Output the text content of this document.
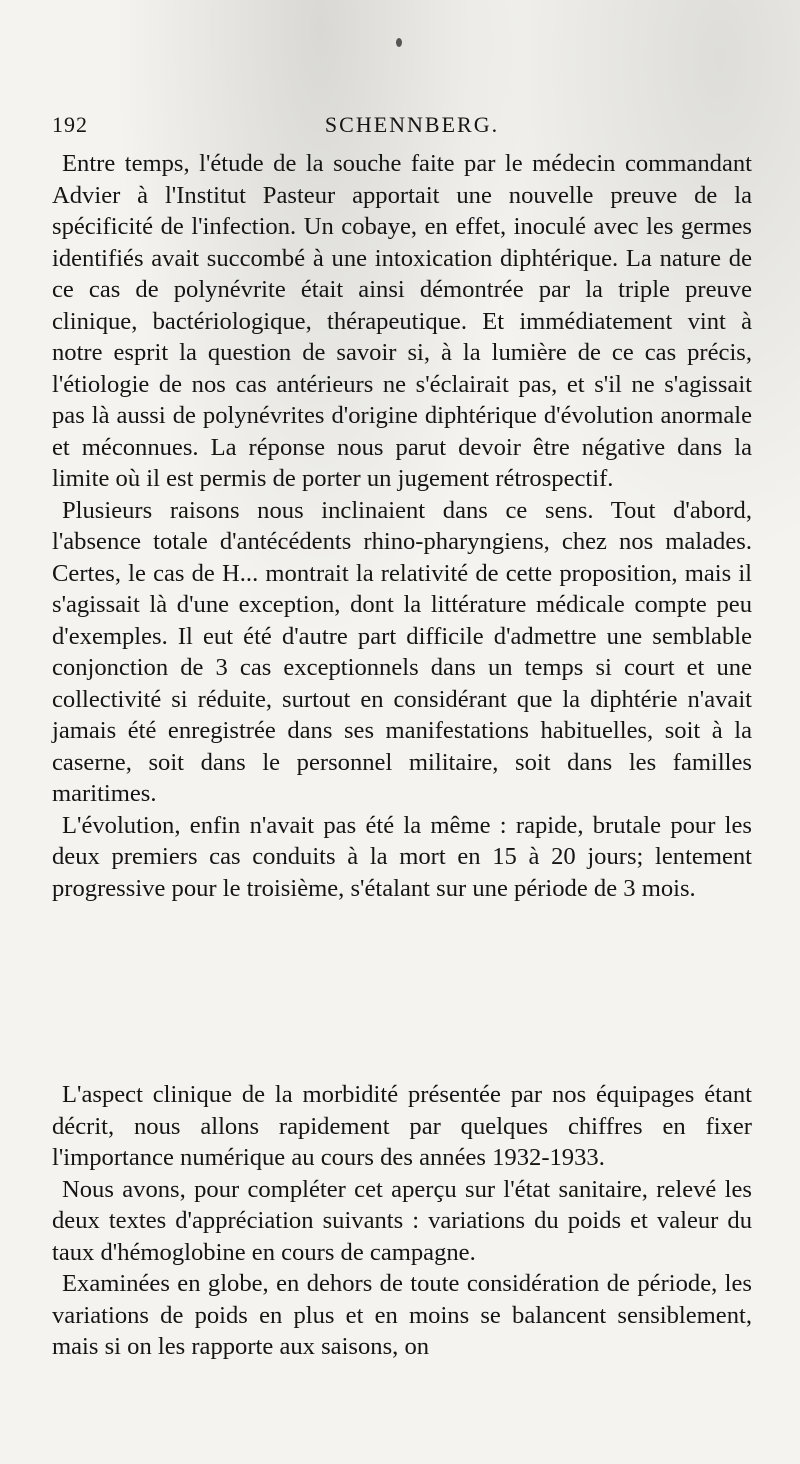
192	SCHENNBERG.

Entre temps, l'étude de la souche faite par le médecin commandant Advier à l'Institut Pasteur apportait une nouvelle preuve de la spécificité de l'infection. Un cobaye, en effet, inoculé avec les germes identifiés avait succombé à une intoxication diphtérique. La nature de ce cas de polynévrite était ainsi démontrée par la triple preuve clinique, bactériologique, thérapeutique. Et immédiatement vint à notre esprit la question de savoir si, à la lumière de ce cas précis, l'étiologie de nos cas antérieurs ne s'éclairait pas, et s'il ne s'agissait pas là aussi de polynévrites d'origine diphtérique d'évolution anormale et méconnues. La réponse nous parut devoir être négative dans la limite où il est permis de porter un jugement rétrospectif.

Plusieurs raisons nous inclinaient dans ce sens. Tout d'abord, l'absence totale d'antécédents rhino-pharyngiens, chez nos malades. Certes, le cas de H... montrait la relativité de cette proposition, mais il s'agissait là d'une exception, dont la littérature médicale compte peu d'exemples. Il eut été d'autre part difficile d'admettre une semblable conjonction de 3 cas exceptionnels dans un temps si court et une collectivité si réduite, surtout en considérant que la diphtérie n'avait jamais été enregistrée dans ses manifestations habituelles, soit à la caserne, soit dans le personnel militaire, soit dans les familles maritimes.

L'évolution, enfin n'avait pas été la même : rapide, brutale pour les deux premiers cas conduits à la mort en 15 à 20 jours; lentement progressive pour le troisième, s'étalant sur une période de 3 mois.

L'aspect clinique de la morbidité présentée par nos équipages étant décrit, nous allons rapidement par quelques chiffres en fixer l'importance numérique au cours des années 1932-1933.

Nous avons, pour compléter cet aperçu sur l'état sanitaire, relevé les deux textes d'appréciation suivants : variations du poids et valeur du taux d'hémoglobine en cours de campagne.

Examinées en globe, en dehors de toute considération de période, les variations de poids en plus et en moins se balancent sensiblement, mais si on les rapporte aux saisons, on
